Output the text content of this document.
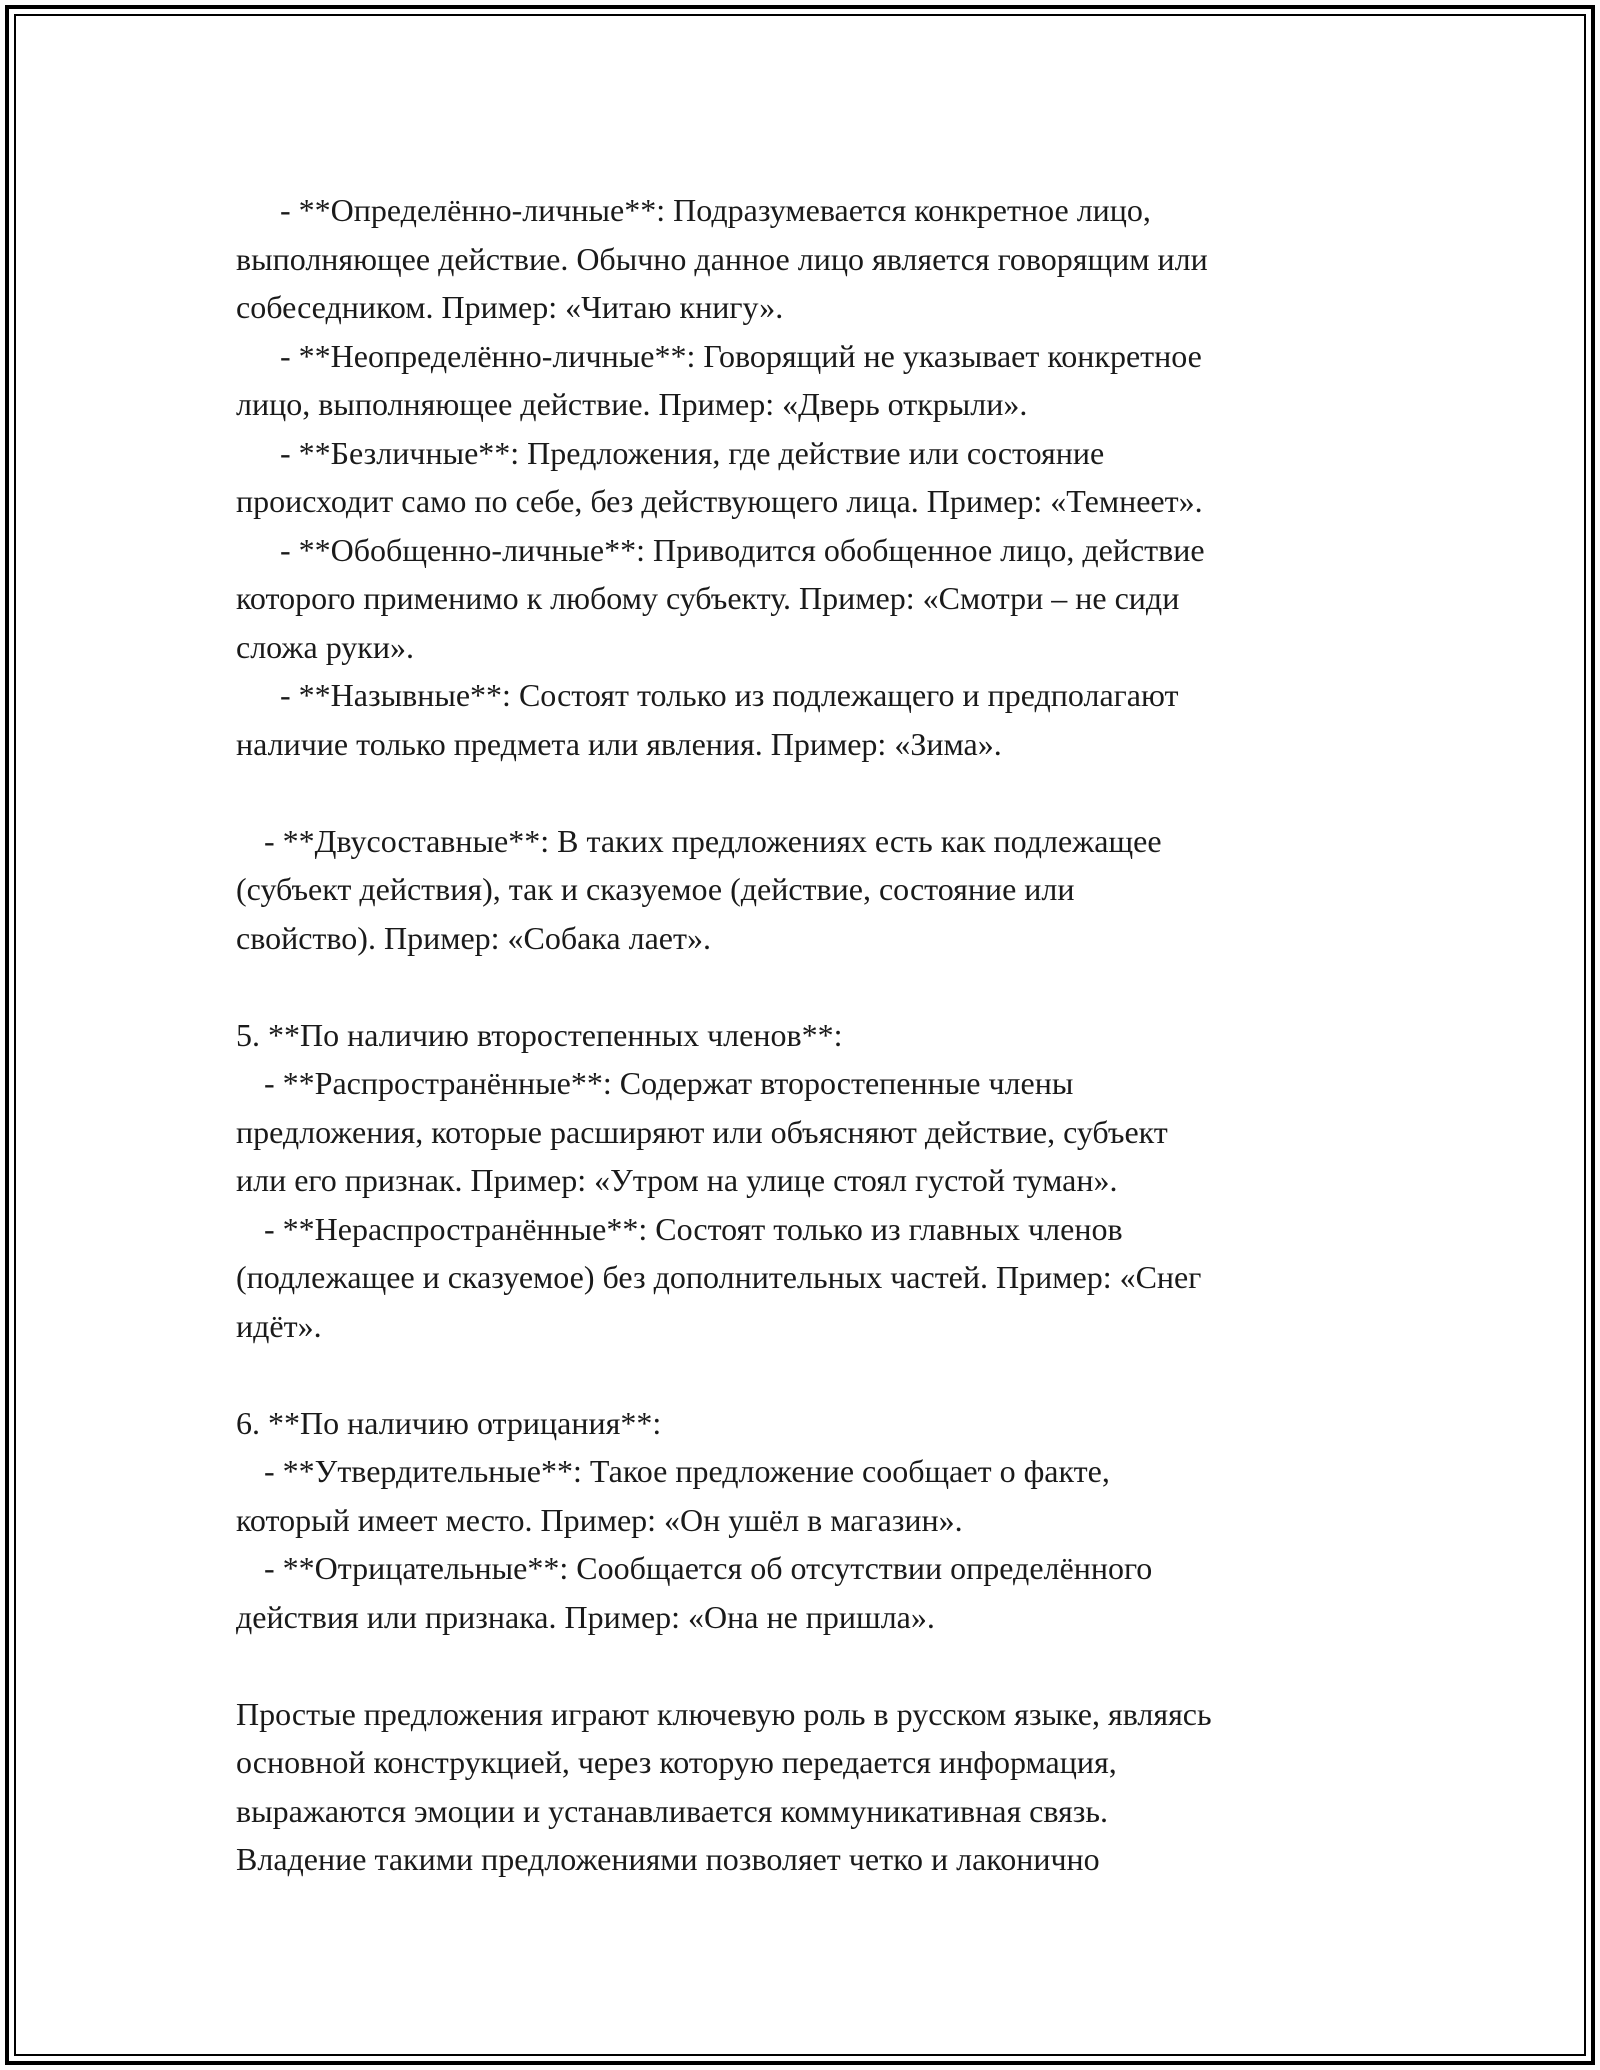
- **Определённо-личные**: Подразумевается конкретное лицо,
выполняющее действие. Обычно данное лицо является говорящим или
собеседником. Пример: «Читаю книгу».
- **Неопределённо-личные**: Говорящий не указывает конкретное
лицо, выполняющее действие. Пример: «Дверь открыли».
- **Безличные**: Предложения, где действие или состояние
происходит само по себе, без действующего лица. Пример: «Темнеет».
- **Обобщенно-личные**: Приводится обобщенное лицо, действие
которого применимо к любому субъекту. Пример: «Смотри – не сиди
сложа руки».
- **Назывные**: Состоят только из подлежащего и предполагают
наличие только предмета или явления. Пример: «Зима».
- **Двусоставные**: В таких предложениях есть как подлежащее
(субъект действия), так и сказуемое (действие, состояние или
свойство). Пример: «Собака лает».
5. **По наличию второстепенных членов**:
- **Распространённые**: Содержат второстепенные члены
предложения, которые расширяют или объясняют действие, субъект
или его признак. Пример: «Утром на улице стоял густой туман».
- **Нераспространённые**: Состоят только из главных членов
(подлежащее и сказуемое) без дополнительных частей. Пример: «Снег
идёт».
6. **По наличию отрицания**:
- **Утвердительные**: Такое предложение сообщает о факте,
который имеет место. Пример: «Он ушёл в магазин».
- **Отрицательные**: Сообщается об отсутствии определённого
действия или признака. Пример: «Она не пришла».
Простые предложения играют ключевую роль в русском языке, являясь
основной конструкцией, через которую передается информация,
выражаются эмоции и устанавливается коммуникативная связь.
Владение такими предложениями позволяет четко и лаконично
